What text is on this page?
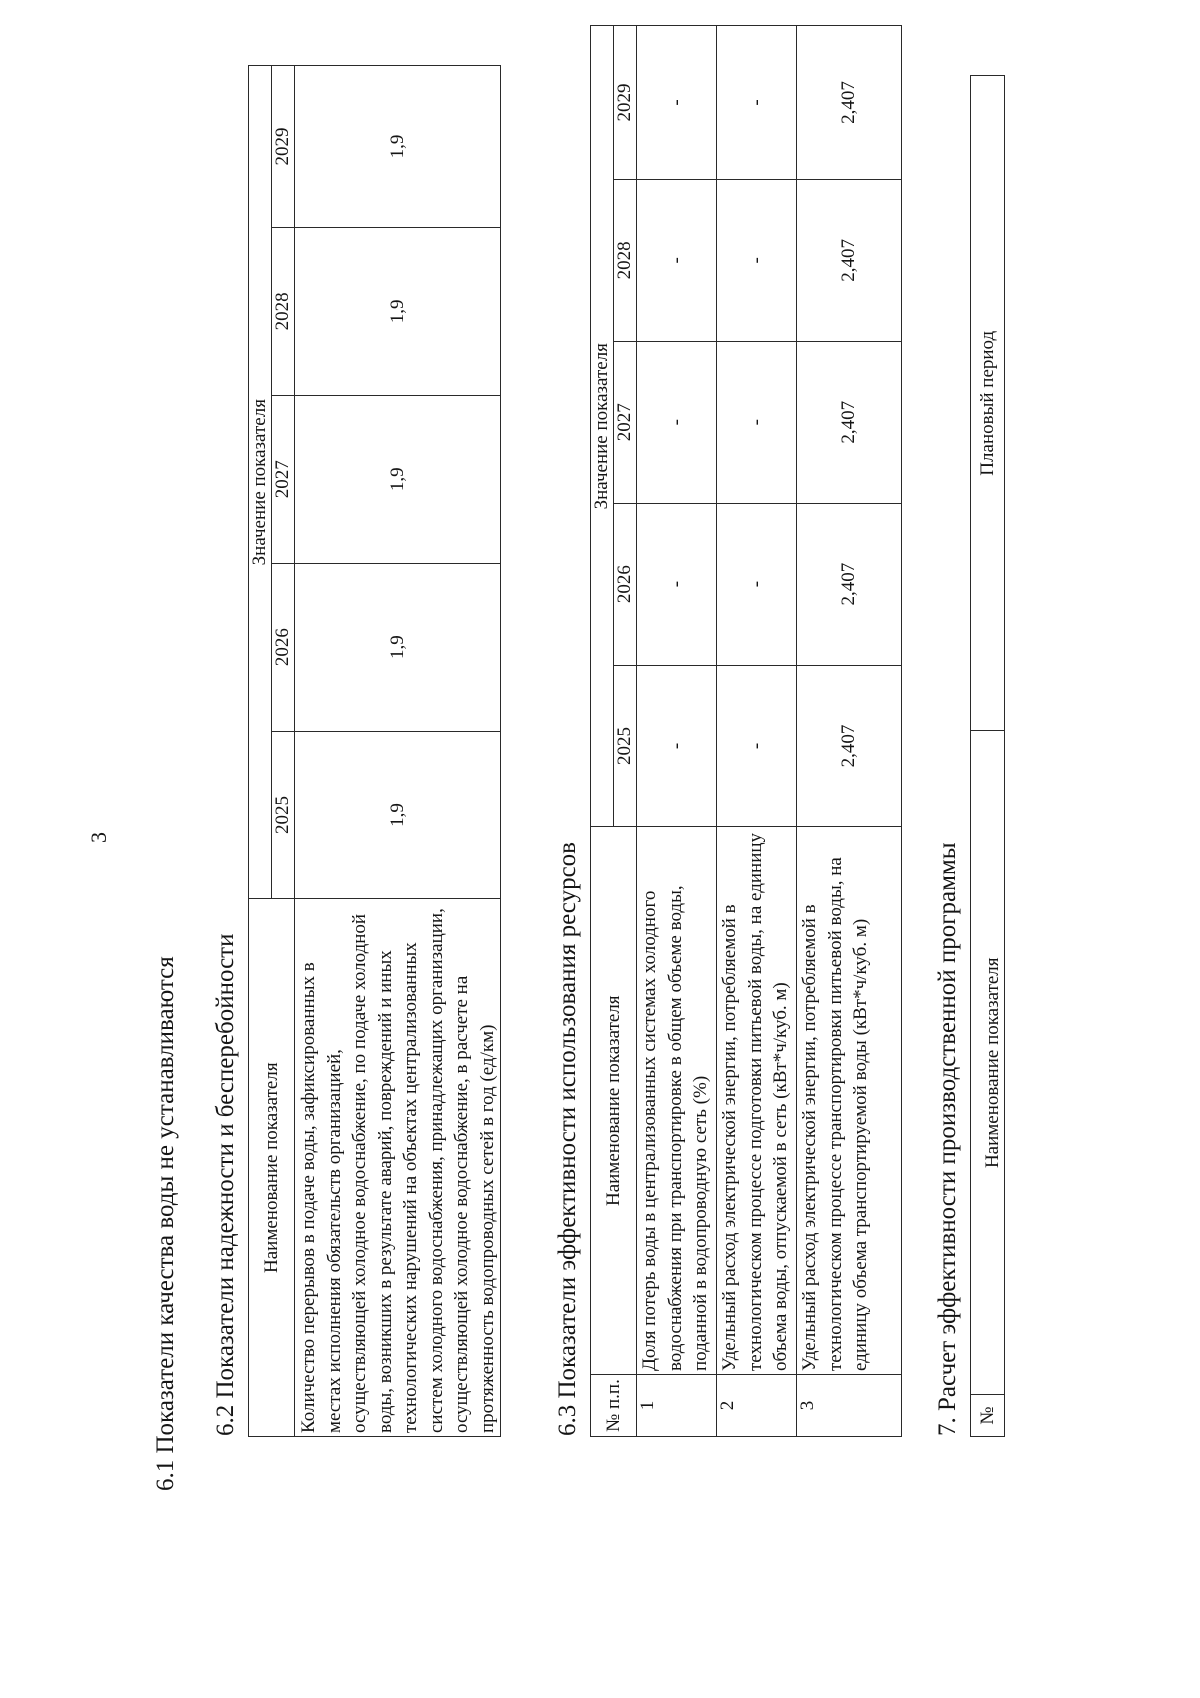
3
6.1 Показатели качества воды не устанавливаются 6.2 Показатели надежности и бесперебойности Наименование показателя	Значение показателя				
	2025	2026	2027	2028	2029
Количество перерывов в подаче воды, зафиксированных в местах исполнения обязательств организацией, осуществляющей холодное водоснабжение, по подаче холодной воды, возникших в результате аварий, повреждений и иных технологических нарушений на объектах централизованных систем холодного водоснабжения, принадлежащих организации, осуществляющей холодное водоснабжение, в расчете на протяженность водопроводных сетей в год (ед/км)	1,9	1,9	1,9	1,9	1,9
6.3 Показатели эффективности использования ресурсов № п.п.	Наименование показателя	Значение показателя				
		2025	2026	2027	2028	2029
1	Доля потерь воды в централизованных системах холодного водоснабжения при транспортировке в общем объеме воды, поданной в водопроводную сеть (%)	-	-	-	-	-
2	Удельный расход электрической энергии, потребляемой в технологическом процессе подготовки питьевой воды, на единицу объема воды, отпускаемой в сеть (кВт*ч/куб. м)	-	-	-	-	-
3	Удельный расход электрической энергии, потребляемой в технологическом процессе транспортировки питьевой воды, на единицу объема транспортируемой воды (кВт*ч/куб. м)	2,407	2,407	2,407	2,407	2,407
7. Расчет эффективности производственной программы №	Наименование показателя	Плановый период
